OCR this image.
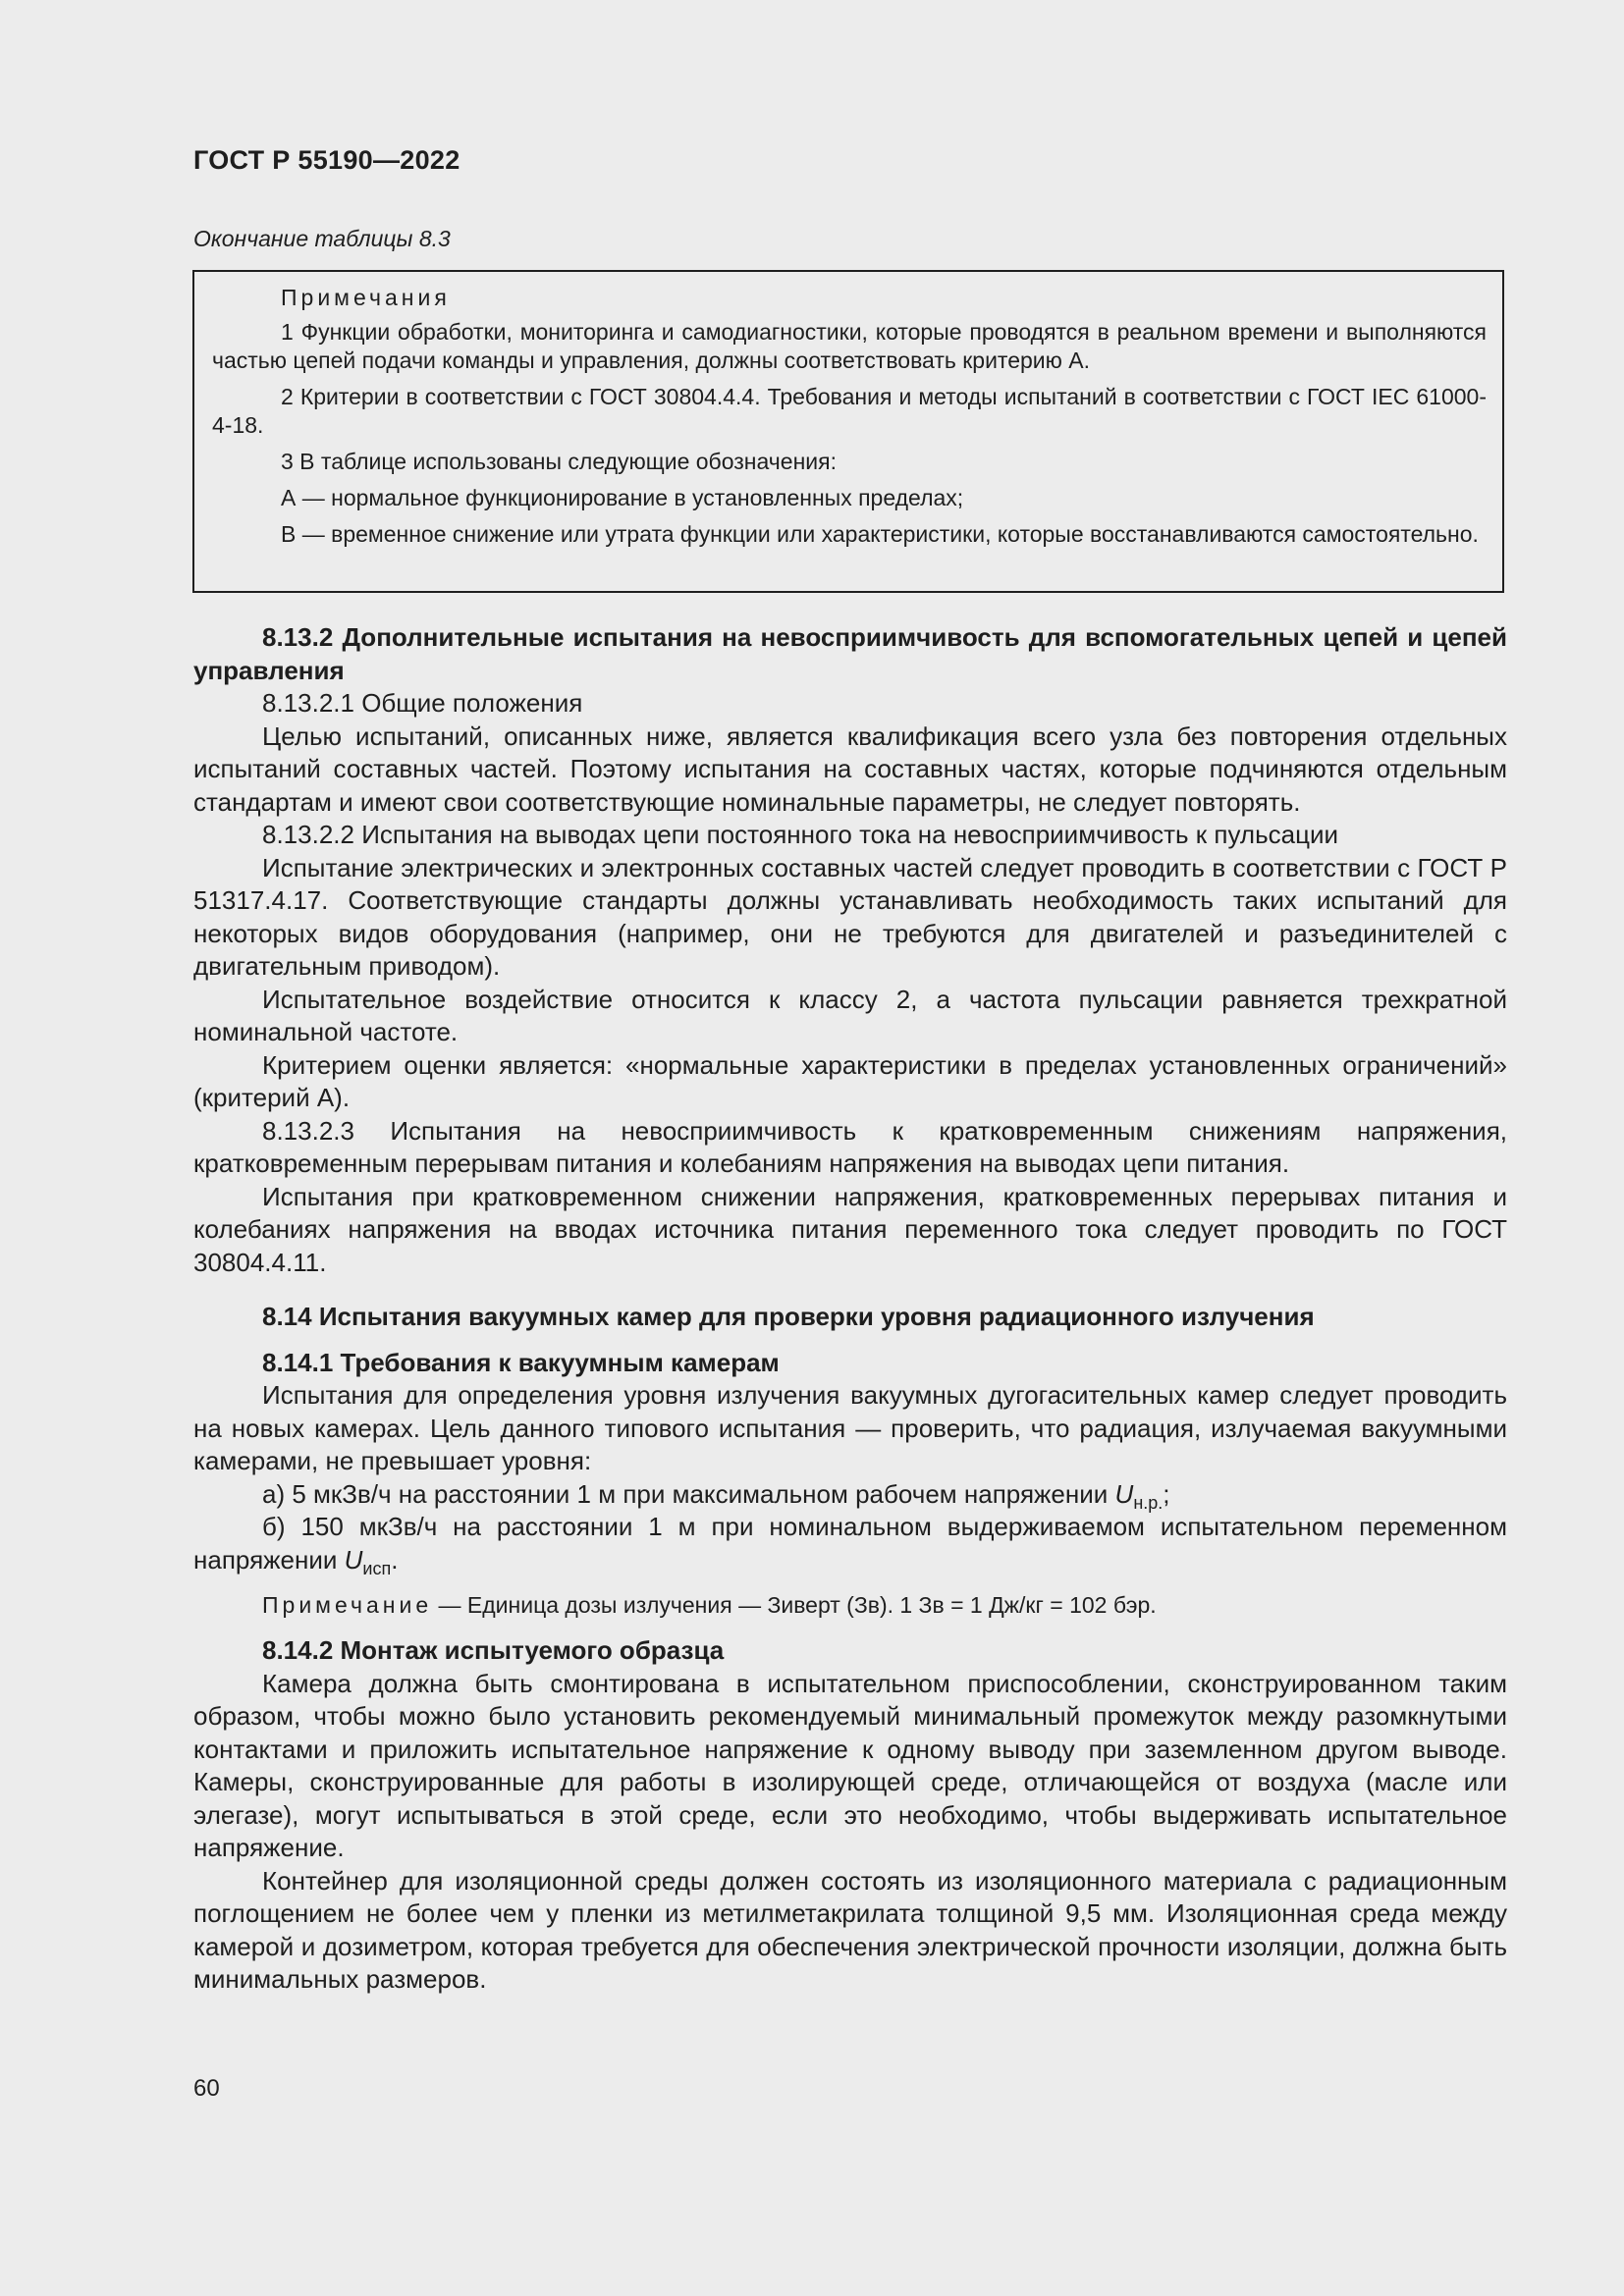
ГОСТ Р 55190—2022
Окончание таблицы 8.3

Примечания

1 Функции обработки, мониторинга и самодиагностики, которые проводятся в реальном времени и выполняются частью цепей подачи команды и управления, должны соответствовать критерию А.

2 Критерии в соответствии с ГОСТ 30804.4.4. Требования и методы испытаний в соответствии с ГОСТ IEC 61000-4-18.

3 В таблице использованы следующие обозначения:

А — нормальное функционирование в установленных пределах;

В — временное снижение или утрата функции или характеристики, которые восстанавливаются самостоятельно.

8.13.2 Дополнительные испытания на невосприимчивость для вспомогательных цепей и цепей управления

8.13.2.1 Общие положения

Целью испытаний, описанных ниже, является квалификация всего узла без повторения отдельных испытаний составных частей. Поэтому испытания на составных частях, которые подчиняются отдельным стандартам и имеют свои соответствующие номинальные параметры, не следует повторять.

8.13.2.2 Испытания на выводах цепи постоянного тока на невосприимчивость к пульсации

Испытание электрических и электронных составных частей следует проводить в соответствии с ГОСТ Р 51317.4.17. Соответствующие стандарты должны устанавливать необходимость таких испытаний для некоторых видов оборудования (например, они не требуются для двигателей и разъединителей с двигательным приводом).

Испытательное воздействие относится к классу 2, а частота пульсации равняется трехкратной номинальной частоте.

Критерием оценки является: «нормальные характеристики в пределах установленных ограничений» (критерий А).

8.13.2.3 Испытания на невосприимчивость к кратковременным снижениям напряжения, кратковременным перерывам питания и колебаниям напряжения на выводах цепи питания.

Испытания при кратковременном снижении напряжения, кратковременных перерывах питания и колебаниях напряжения на вводах источника питания переменного тока следует проводить по ГОСТ 30804.4.11.

8.14 Испытания вакуумных камер для проверки уровня радиационного излучения

8.14.1 Требования к вакуумным камерам

Испытания для определения уровня излучения вакуумных дугогасительных камер следует проводить на новых камерах. Цель данного типового испытания — проверить, что радиация, излучаемая вакуумными камерами, не превышает уровня:

а) 5 мкЗв/ч на расстоянии 1 м при максимальном рабочем напряжении $U_{н.р.}$;

б) 150 мкЗв/ч на расстоянии 1 м при номинальном выдерживаемом испытательном переменном напряжении $U_{исп}$.

Примечание — Единица дозы излучения — Зиверт (Зв). 1 Зв = 1 Дж/кг = 102 бэр.

8.14.2 Монтаж испытуемого образца

Камера должна быть смонтирована в испытательном приспособлении, сконструированном таким образом, чтобы можно было установить рекомендуемый минимальный промежуток между разомкнутыми контактами и приложить испытательное напряжение к одному выводу при заземленном другом выводе. Камеры, сконструированные для работы в изолирующей среде, отличающейся от воздуха (масле или элегазе), могут испытываться в этой среде, если это необходимо, чтобы выдерживать испытательное напряжение.

Контейнер для изоляционной среды должен состоять из изоляционного материала с радиационным поглощением не более чем у пленки из метилметакрилата толщиной 9,5 мм. Изоляционная среда между камерой и дозиметром, которая требуется для обеспечения электрической прочности изоляции, должна быть минимальных размеров.

60
